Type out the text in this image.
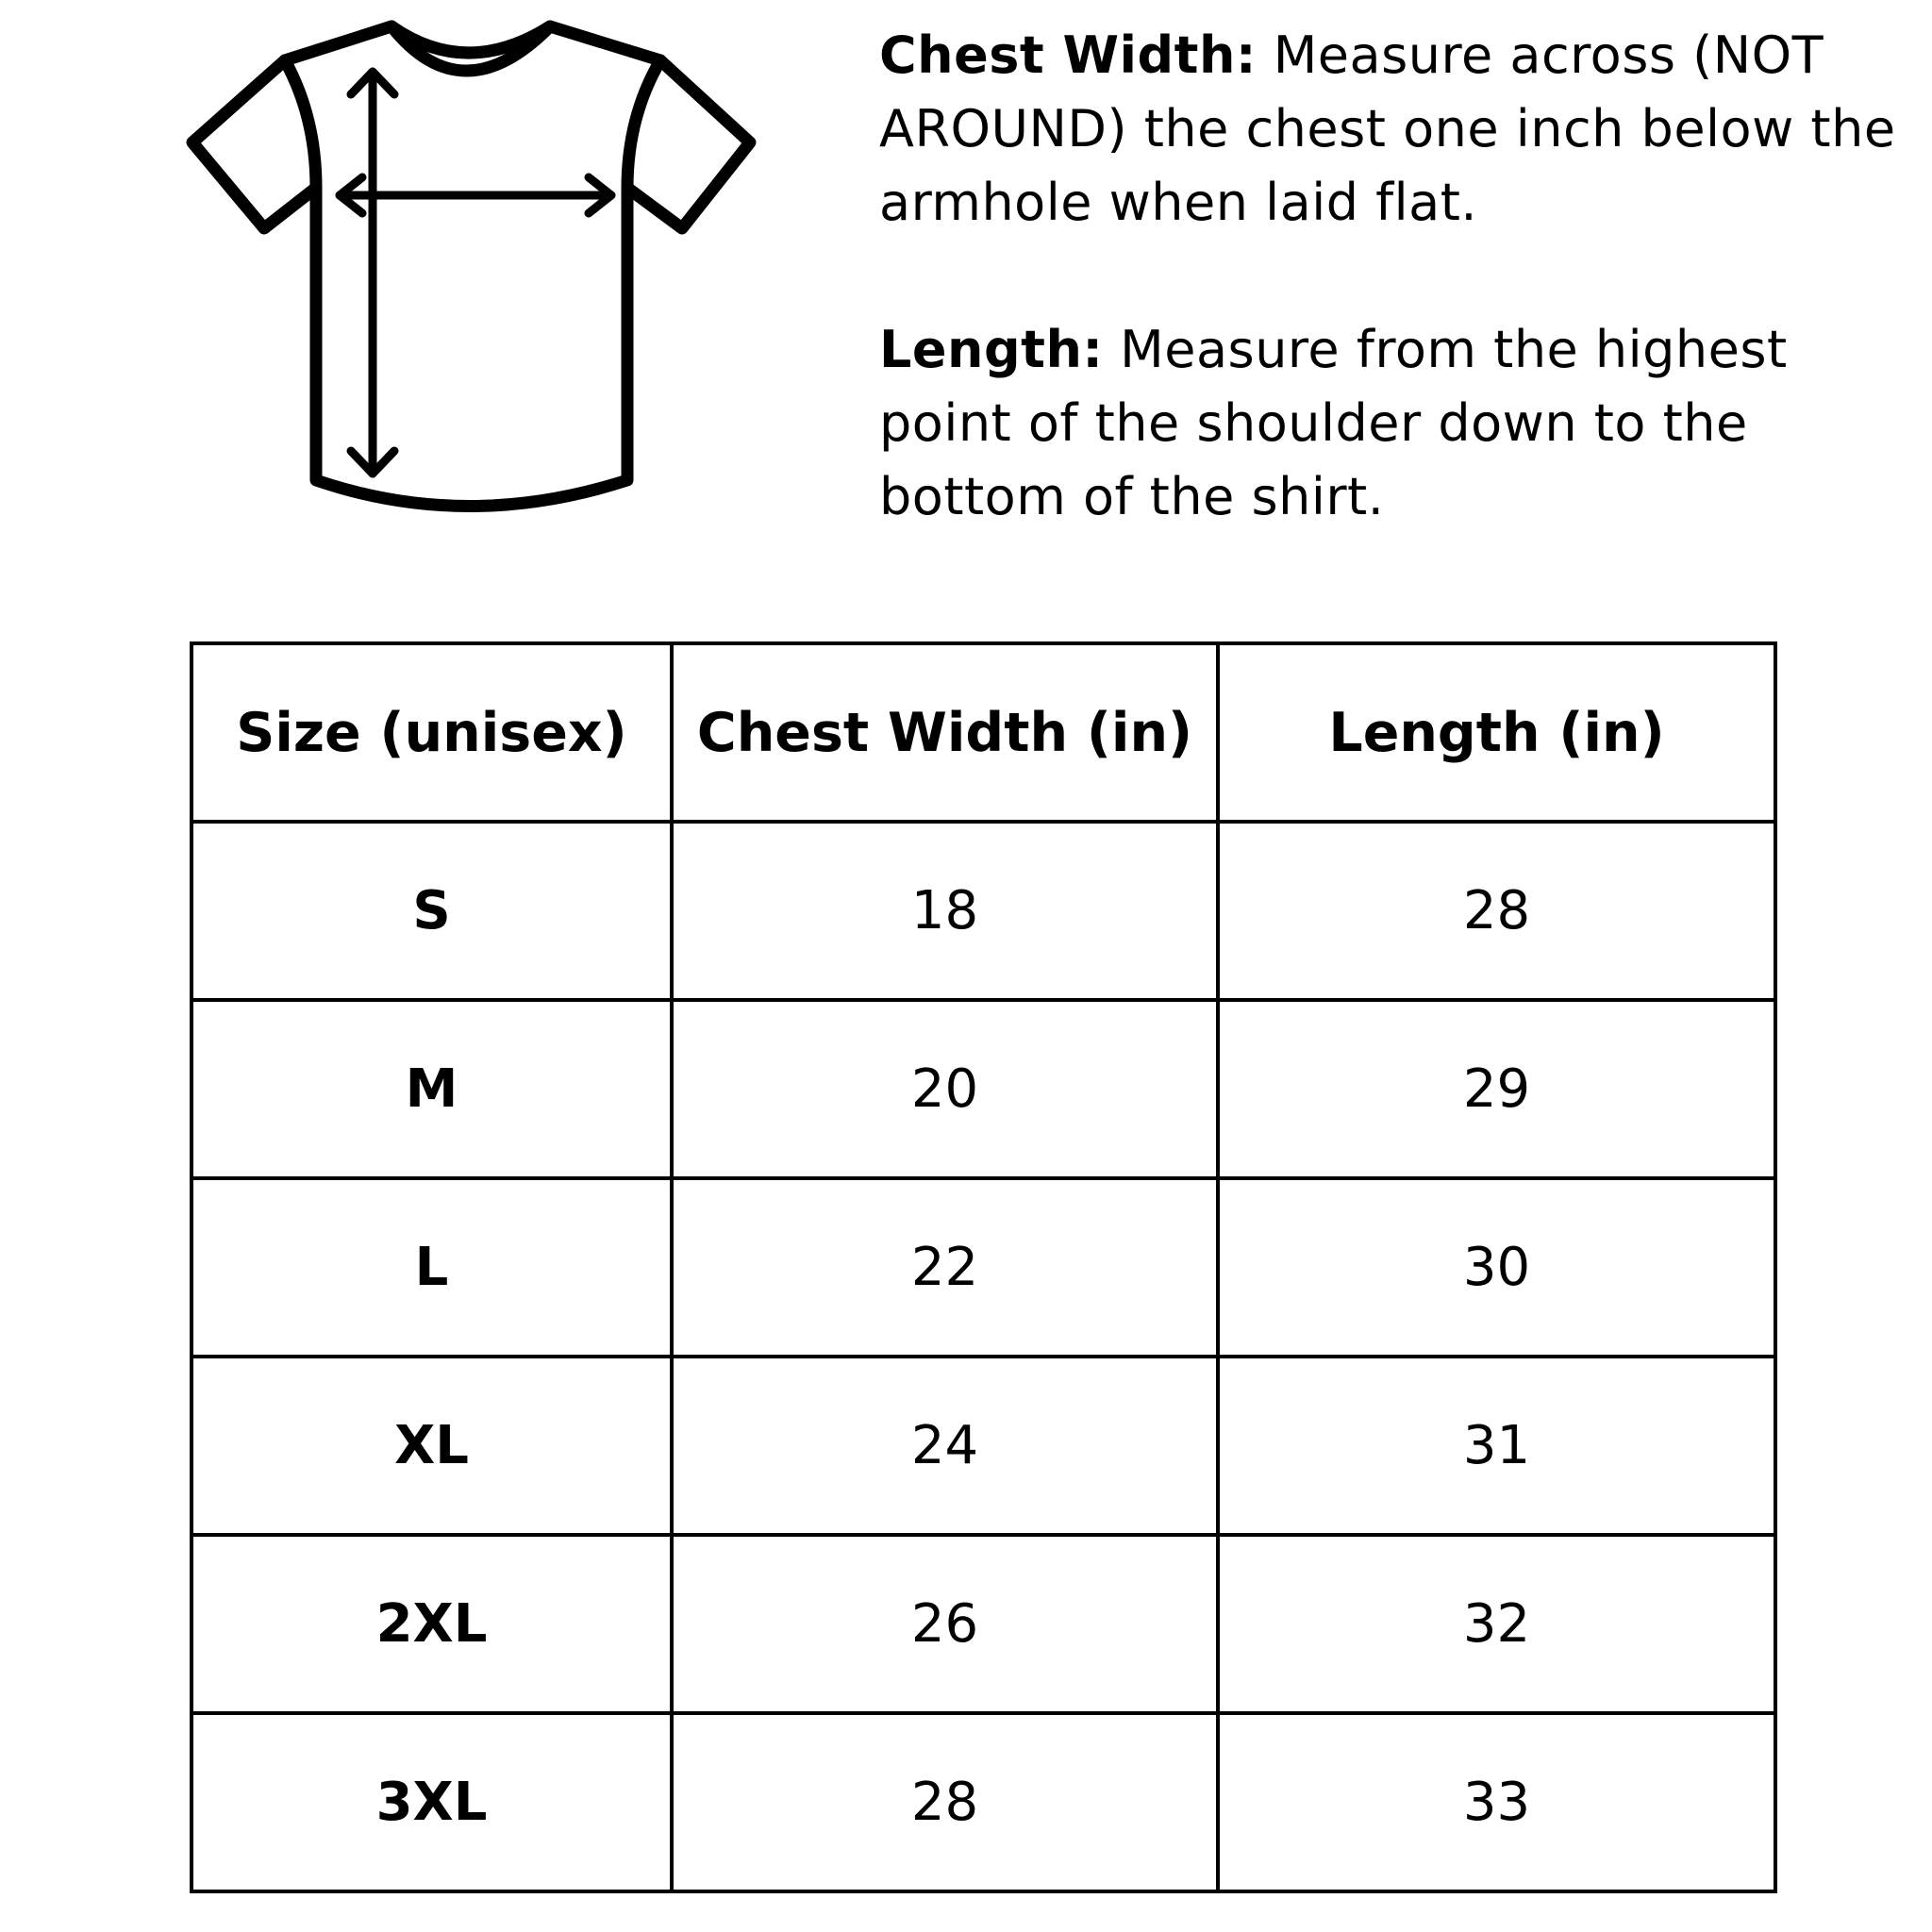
Chest Width: Measure across (NOT AROUND) the chest one inch below the armhole when laid flat.

Length: Measure from the highest point of the shoulder down to the bottom of the shirt.

Size (unisex)	Chest Width (in)	Length (in)
S	18	28
M	20	29
L	22	30
XL	24	31
2XL	26	32
3XL	28	33
